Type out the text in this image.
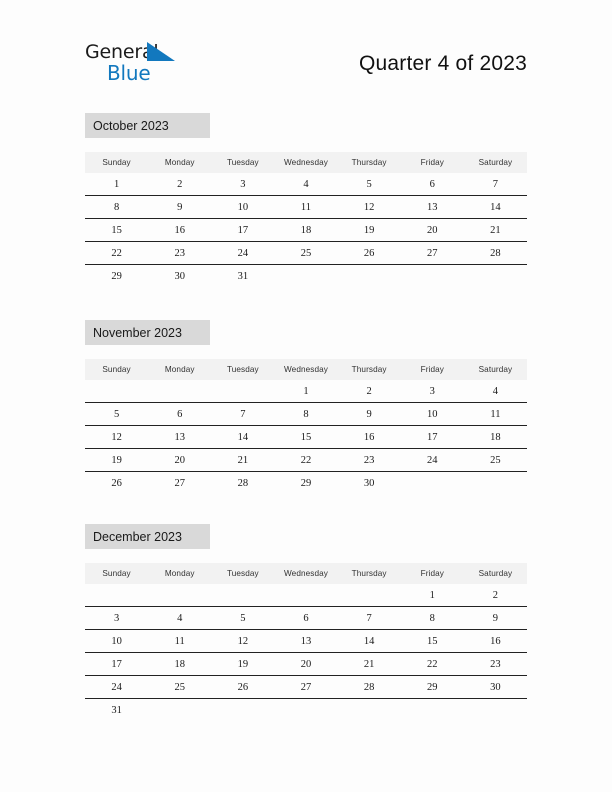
General
Blue	Quarter 4 of 2023
October 2023
Sunday	Monday	Tuesday	Wednesday	Thursday	Friday	Saturday
1	2	3	4	5	6	7
8	9	10	11	12	13	14
15	16	17	18	19	20	21
22	23	24	25	26	27	28
29	30	31				
November 2023
Sunday	Monday	Tuesday	Wednesday	Thursday	Friday	Saturday
			1	2	3	4
5	6	7	8	9	10	11
12	13	14	15	16	17	18
19	20	21	22	23	24	25
26	27	28	29	30		
December 2023
Sunday	Monday	Tuesday	Wednesday	Thursday	Friday	Saturday
					1	2
3	4	5	6	7	8	9
10	11	12	13	14	15	16
17	18	19	20	21	22	23
24	25	26	27	28	29	30
31						
